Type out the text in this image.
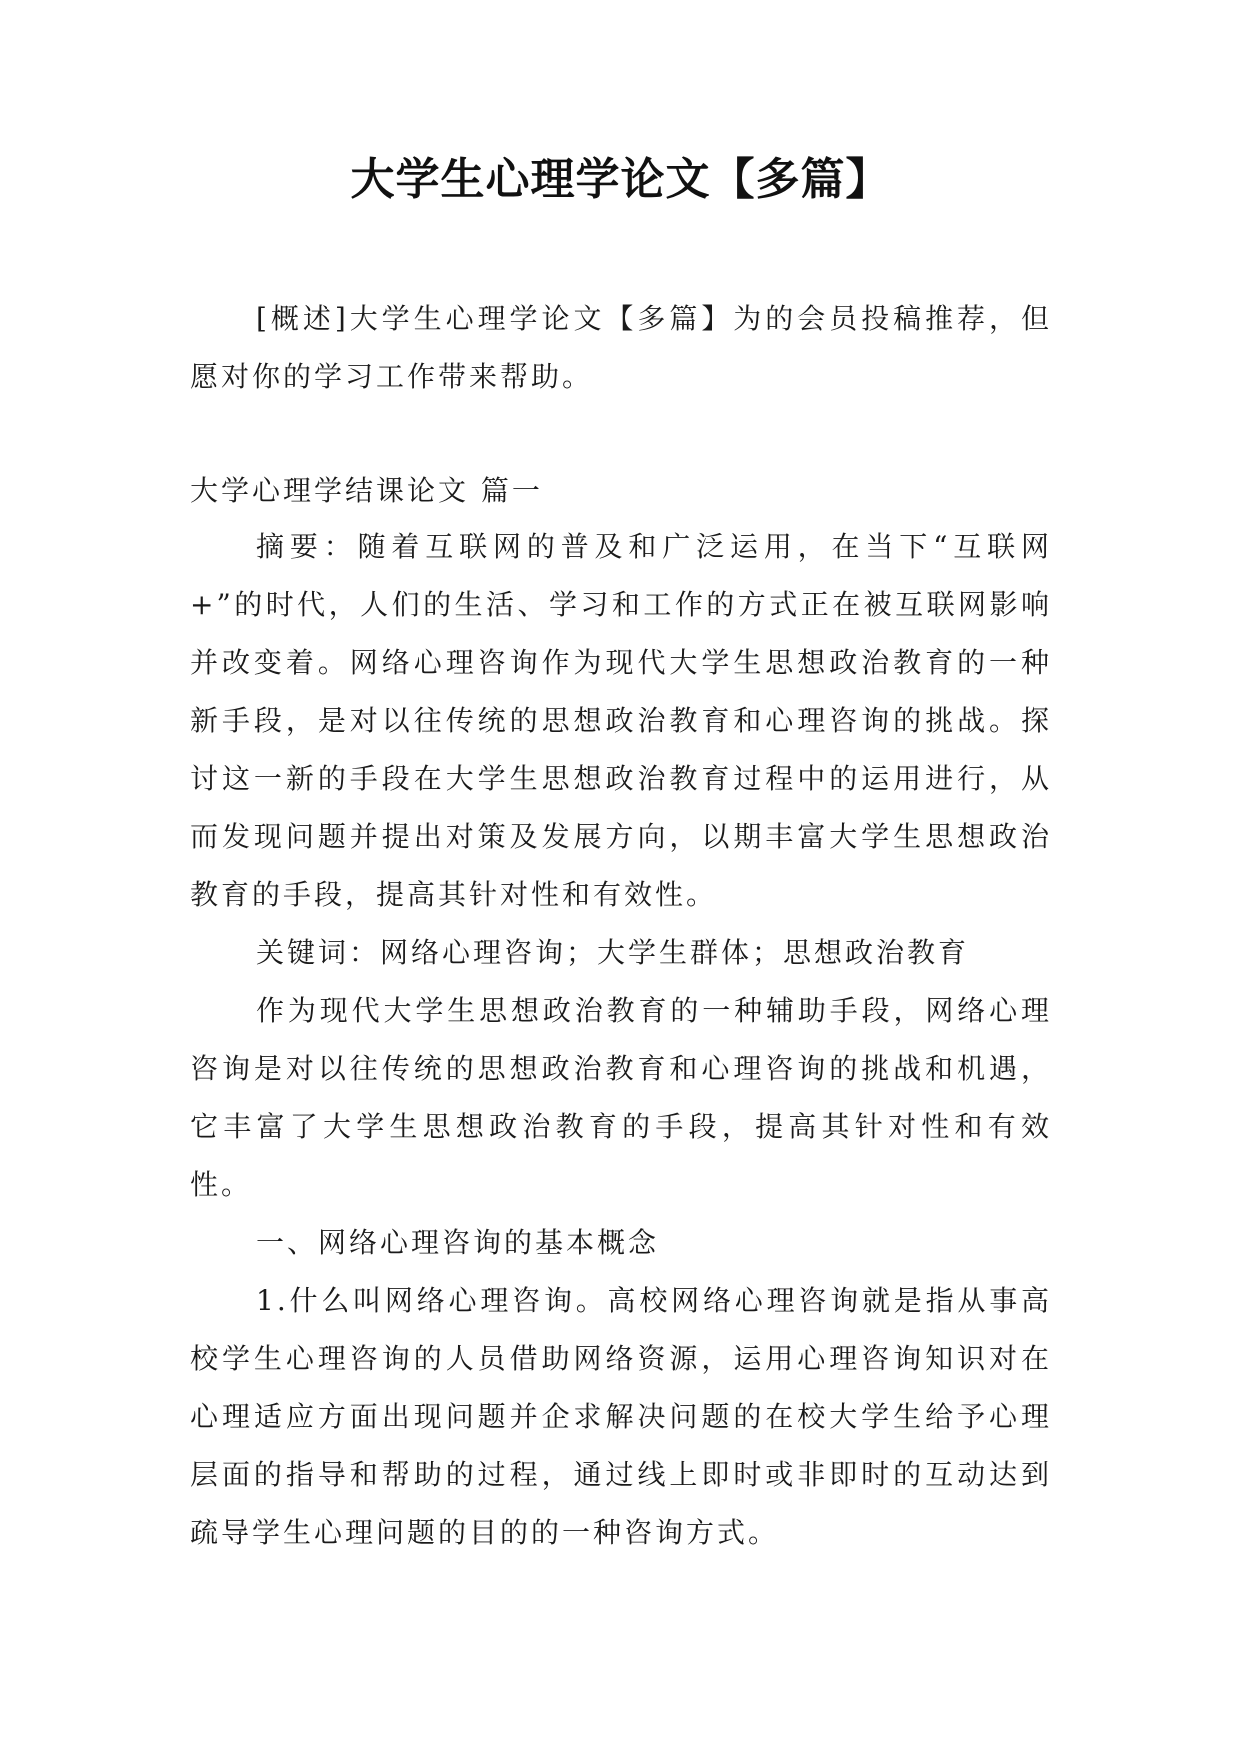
大学生心理学论文【多篇】

[概述]大学生心理学论文【多篇】为的会员投稿推荐，但愿对你的学习工作带来帮助。

大学心理学结课论文 篇一

摘要：随着互联网的普及和广泛运用，在当下“互联网+”的时代，人们的生活、学习和工作的方式正在被互联网影响并改变着。网络心理咨询作为现代大学生思想政治教育的一种新手段，是对以往传统的思想政治教育和心理咨询的挑战。探讨这一新的手段在大学生思想政治教育过程中的运用进行，从而发现问题并提出对策及发展方向，以期丰富大学生思想政治教育的手段，提高其针对性和有效性。

关键词：网络心理咨询；大学生群体；思想政治教育

作为现代大学生思想政治教育的一种辅助手段，网络心理咨询是对以往传统的思想政治教育和心理咨询的挑战和机遇，它丰富了大学生思想政治教育的手段，提高其针对性和有效性。

一、网络心理咨询的基本概念

1.什么叫网络心理咨询。高校网络心理咨询就是指从事高校学生心理咨询的人员借助网络资源，运用心理咨询知识对在心理适应方面出现问题并企求解决问题的在校大学生给予心理层面的指导和帮助的过程，通过线上即时或非即时的互动达到疏导学生心理问题的目的的一种咨询方式。
